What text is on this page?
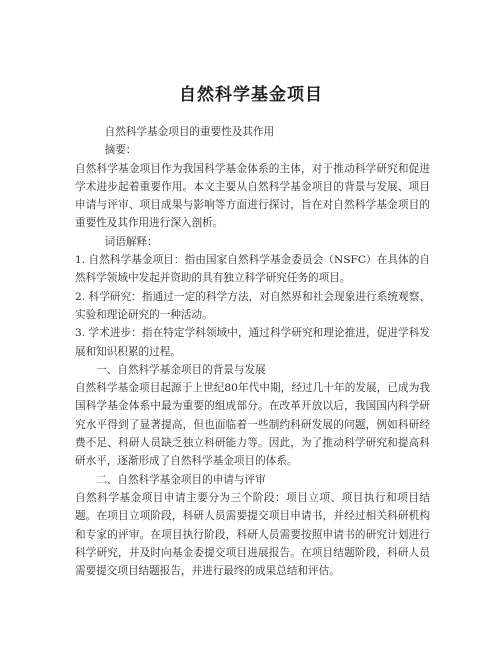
自然科学基金项目

自然科学基金项目的重要性及其作用

摘要：

自然科学基金项目作为我国科学基金体系的主体，对于推动科学研究和促进学术进步起着重要作用。本文主要从自然科学基金项目的背景与发展、项目申请与评审、项目成果与影响等方面进行探讨，旨在对自然科学基金项目的重要性及其作用进行深入剖析。

词语解释：

1. 自然科学基金项目：指由国家自然科学基金委员会（NSFC）在具体的自然科学领域中发起并资助的具有独立科学研究任务的项目。

2. 科学研究：指通过一定的科学方法，对自然界和社会现象进行系统观察、实验和理论研究的一种活动。

3. 学术进步：指在特定学科领域中，通过科学研究和理论推进，促进学科发展和知识积累的过程。

一、自然科学基金项目的背景与发展

自然科学基金项目起源于上世纪80年代中期，经过几十年的发展，已成为我国科学基金体系中最为重要的组成部分。在改革开放以后，我国国内科学研究水平得到了显著提高，但也面临着一些制约科研发展的问题，例如科研经费不足、科研人员缺乏独立科研能力等。因此，为了推动科学研究和提高科研水平，逐渐形成了自然科学基金项目的体系。

二、自然科学基金项目的申请与评审

自然科学基金项目申请主要分为三个阶段：项目立项、项目执行和项目结题。在项目立项阶段，科研人员需要提交项目申请书，并经过相关科研机构和专家的评审。在项目执行阶段，科研人员需要按照申请书的研究计划进行科学研究，并及时向基金委提交项目进展报告。在项目结题阶段，科研人员需要提交项目结题报告，并进行最终的成果总结和评估。
